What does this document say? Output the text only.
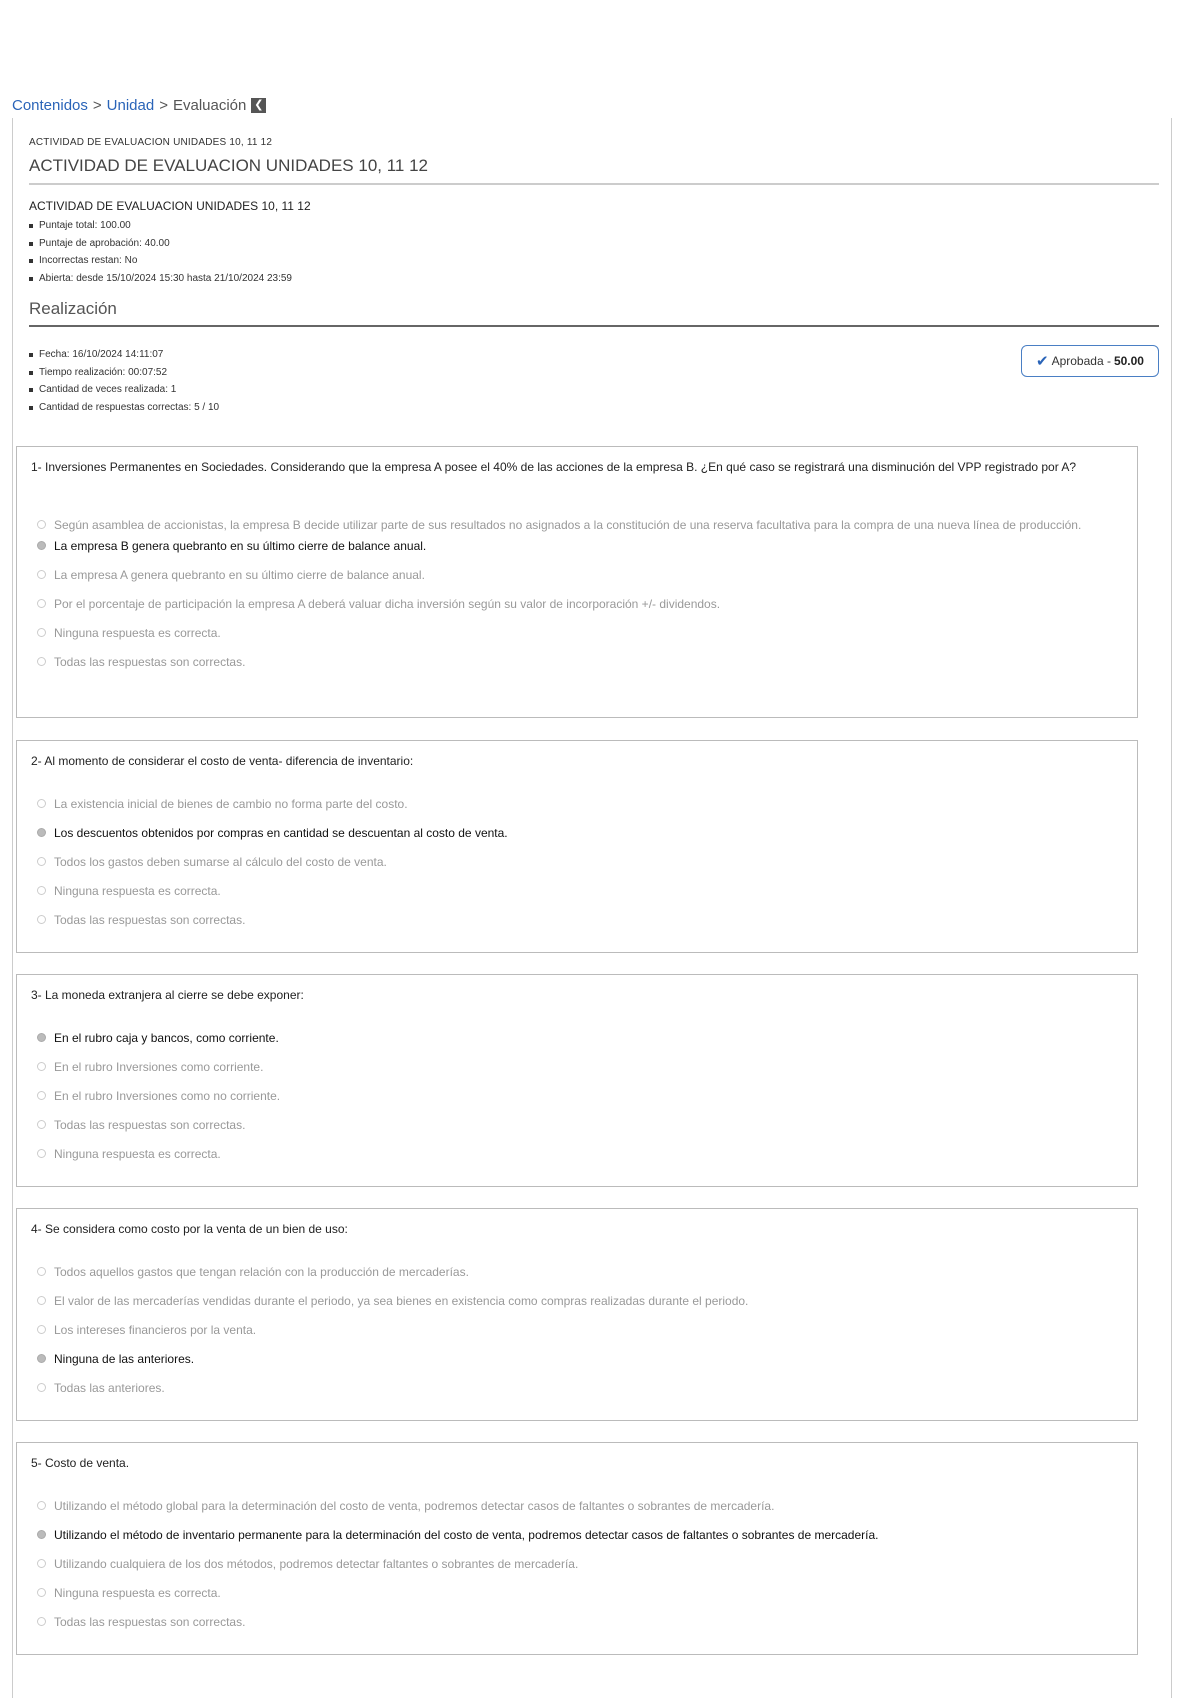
Contenidos > Unidad > Evaluación ❮
ACTIVIDAD DE EVALUACION UNIDADES 10, 11 12
ACTIVIDAD DE EVALUACION UNIDADES 10, 11 12
ACTIVIDAD DE EVALUACION UNIDADES 10, 11 12
Puntaje total: 100.00
Puntaje de aprobación: 40.00
Incorrectas restan: No
Abierta: desde 15/10/2024 15:30 hasta 21/10/2024 23:59
Realización
Fecha: 16/10/2024 14:11:07
Tiempo realización: 00:07:52
Cantidad de veces realizada: 1
Cantidad de respuestas correctas: 5 / 10
✔ Aprobada - 50.00
1- Inversiones Permanentes en Sociedades. Considerando que la empresa A posee el 40% de las acciones de la empresa B. ¿En qué caso se registrará una disminución del VPP registrado por A?
Según asamblea de accionistas, la empresa B decide utilizar parte de sus resultados no asignados a la constitución de una reserva facultativa para la compra de una nueva línea de producción.
La empresa B genera quebranto en su último cierre de balance anual.
La empresa A genera quebranto en su último cierre de balance anual.
Por el porcentaje de participación la empresa A deberá valuar dicha inversión según su valor de incorporación +/- dividendos.
Ninguna respuesta es correcta.
Todas las respuestas son correctas.
2- Al momento de considerar el costo de venta- diferencia de inventario:
La existencia inicial de bienes de cambio no forma parte del costo.
Los descuentos obtenidos por compras en cantidad se descuentan al costo de venta.
Todos los gastos deben sumarse al cálculo del costo de venta.
Ninguna respuesta es correcta.
Todas las respuestas son correctas.
3- La moneda extranjera al cierre se debe exponer:
En el rubro caja y bancos, como corriente.
En el rubro Inversiones como corriente.
En el rubro Inversiones como no corriente.
Todas las respuestas son correctas.
Ninguna respuesta es correcta.
4- Se considera como costo por la venta de un bien de uso:
Todos aquellos gastos que tengan relación con la producción de mercaderías.
El valor de las mercaderías vendidas durante el periodo, ya sea bienes en existencia como compras realizadas durante el periodo.
Los intereses financieros por la venta.
Ninguna de las anteriores.
Todas las anteriores.
5- Costo de venta.
Utilizando el método global para la determinación del costo de venta, podremos detectar casos de faltantes o sobrantes de mercadería.
Utilizando el método de inventario permanente para la determinación del costo de venta, podremos detectar casos de faltantes o sobrantes de mercadería.
Utilizando cualquiera de los dos métodos, podremos detectar faltantes o sobrantes de mercadería.
Ninguna respuesta es correcta.
Todas las respuestas son correctas.
